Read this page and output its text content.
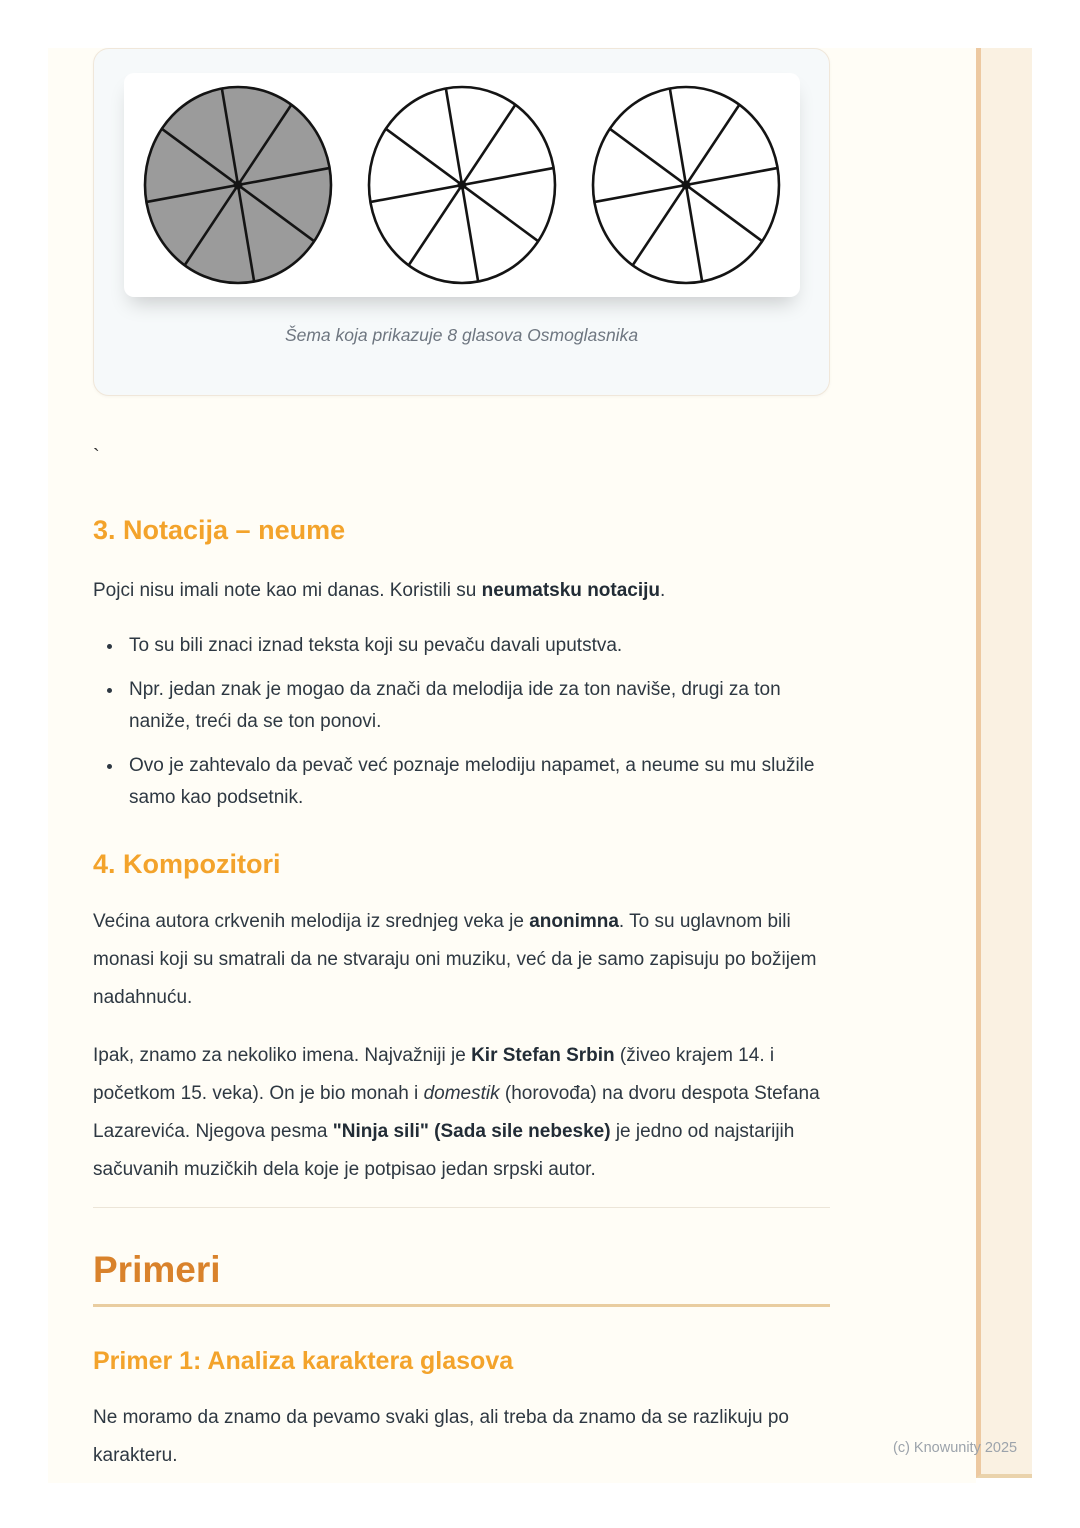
Šema koja prikazuje 8 glasova Osmoglasnika
`
3. Notacija – neume

Pojci nisu imali note kao mi danas. Koristili su neumatsku notaciju.

• To su bili znaci iznad teksta koji su pevaču davali uputstva.
• Npr. jedan znak je mogao da znači da melodija ide za ton naviše, drugi za ton naniže, treći da se ton ponovi.
• Ovo je zahtevalo da pevač već poznaje melodiju napamet, a neume su mu služile samo kao podsetnik.
4. Kompozitori

Većina autora crkvenih melodija iz srednjeg veka je anonimna. To su uglavnom bili monasi koji su smatrali da ne stvaraju oni muziku, već da je samo zapisuju po božijem nadahnuću.

Ipak, znamo za nekoliko imena. Najvažniji je Kir Stefan Srbin (živeo krajem 14. i početkom 15. veka). On je bio monah i domestik (horovođa) na dvoru despota Stefana Lazarevića. Njegova pesma "Ninja sili" (Sada sile nebeske) je jedno od najstarijih sačuvanih muzičkih dela koje je potpisao jedan srpski autor.

Primeri
Primer 1: Analiza karaktera glasova

Ne moramo da znamo da pevamo svaki glas, ali treba da znamo da se razlikuju po karakteru.	(c) Knowunity 2025
